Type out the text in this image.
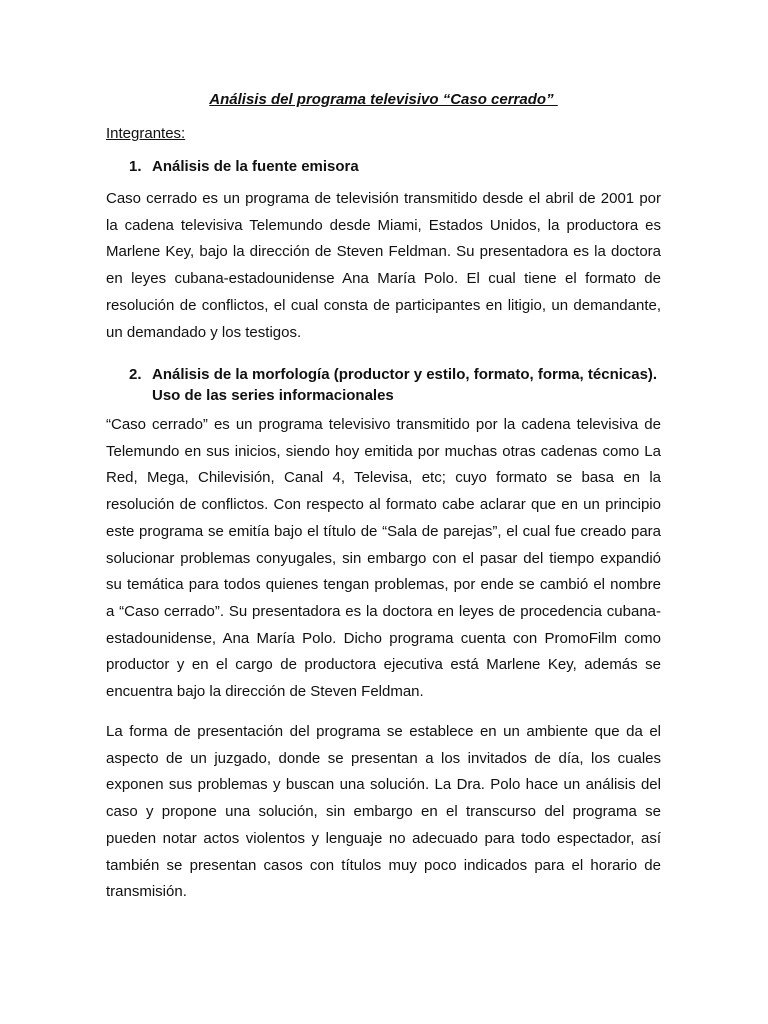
Análisis del programa televisivo “Caso cerrado”

Integrantes:

1. Análisis de la fuente emisora

Caso cerrado es un programa de televisión transmitido desde el abril de 2001 por la cadena televisiva Telemundo desde Miami, Estados Unidos, la productora es Marlene Key, bajo la dirección de Steven Feldman. Su presentadora es la doctora en leyes cubana-estadounidense Ana María Polo. El cual tiene el formato de resolución de conflictos, el cual consta de participantes en litigio, un demandante, un demandado y los testigos.

2. Análisis de la morfología (productor y estilo, formato, forma, técnicas). Uso de las series informacionales

“Caso cerrado” es un programa televisivo transmitido por la cadena televisiva de Telemundo en sus inicios, siendo hoy emitida por muchas otras cadenas como La Red, Mega, Chilevisión, Canal 4, Televisa, etc; cuyo formato se basa en la resolución de conflictos. Con respecto al formato cabe aclarar que en un principio este programa se emitía bajo el título de “Sala de parejas”, el cual fue creado para solucionar problemas conyugales, sin embargo con el pasar del tiempo expandió su temática para todos quienes tengan problemas, por ende se cambió el nombre a “Caso cerrado”. Su presentadora es la doctora en leyes de procedencia cubana-estadounidense, Ana María Polo. Dicho programa cuenta con PromoFilm como productor y en el cargo de productora ejecutiva está Marlene Key, además se encuentra bajo la dirección de Steven Feldman.

La forma de presentación del programa se establece en un ambiente que da el aspecto de un juzgado, donde se presentan a los invitados de día, los cuales exponen sus problemas y buscan una solución. La Dra. Polo hace un análisis del caso y propone una solución, sin embargo en el transcurso del programa se pueden notar actos violentos y lenguaje no adecuado para todo espectador, así también se presentan casos con títulos muy poco indicados para el horario de transmisión.
